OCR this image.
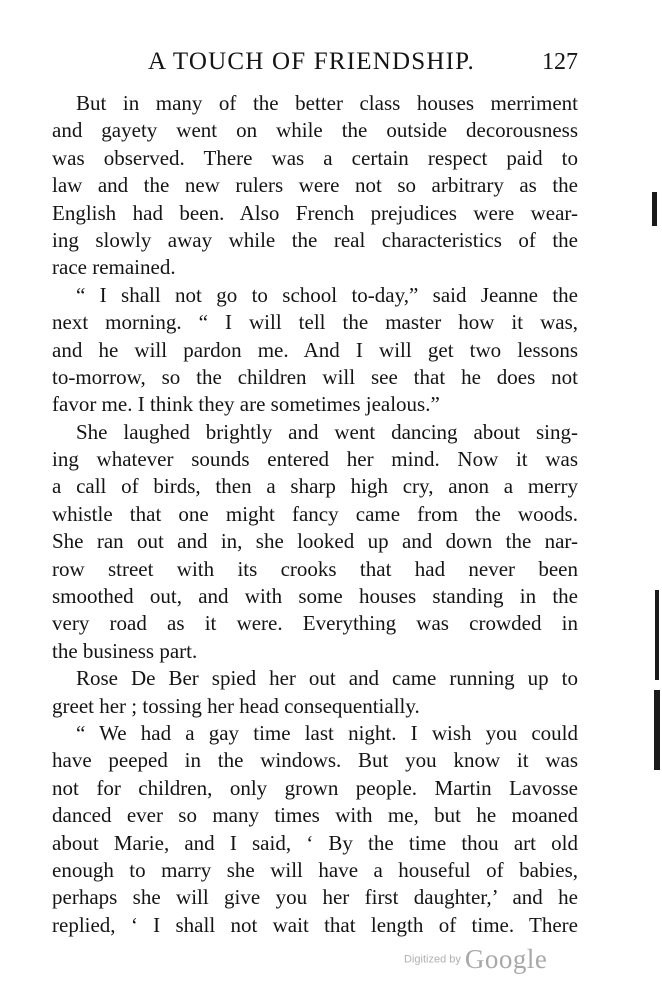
A TOUCH OF FRIENDSHIP.	127
But in many of the better class houses merriment
and gayety went on while the outside decorousness
was observed. There was a certain respect paid to
law and the new rulers were not so arbitrary as the
English had been. Also French prejudices were wear-
ing slowly away while the real characteristics of the
race remained.
“ I shall not go to school to-day,” said Jeanne the
next morning. “ I will tell the master how it was,
and he will pardon me. And I will get two lessons
to-morrow, so the children will see that he does not
favor me. I think they are sometimes jealous.”
She laughed brightly and went dancing about sing-
ing whatever sounds entered her mind. Now it was
a call of birds, then a sharp high cry, anon a merry
whistle that one might fancy came from the woods.
She ran out and in, she looked up and down the nar-
row street with its crooks that had never been
smoothed out, and with some houses standing in the
very road as it were. Everything was crowded in
the business part.
Rose De Ber spied her out and came running up to
greet her ; tossing her head consequentially.
“ We had a gay time last night. I wish you could
have peeped in the windows. But you know it was
not for children, only grown people. Martin Lavosse
danced ever so many times with me, but he moaned
about Marie, and I said, ‘ By the time thou art old
enough to marry she will have a houseful of babies,
perhaps she will give you her first daughter,’ and he
replied, ‘ I shall not wait that length of time. There
Digitized by Google
